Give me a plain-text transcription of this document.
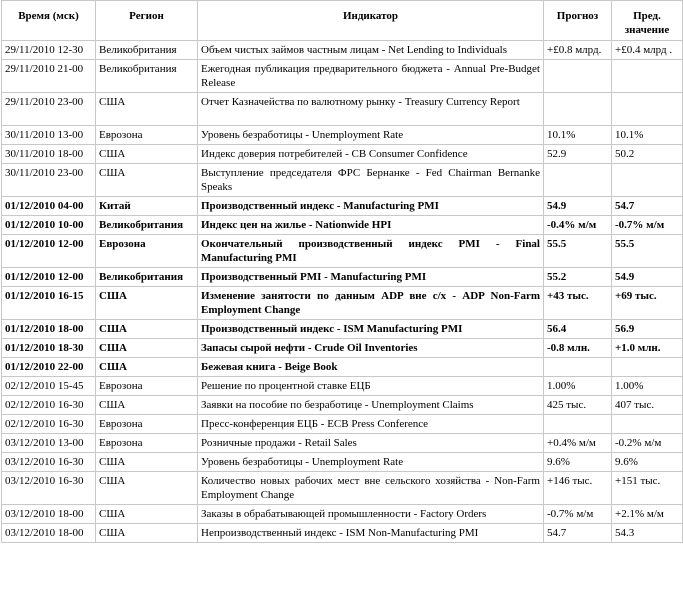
Время (мск)	Регион	Индикатор	Прогноз	Пред. значение
29/11/2010 12-30	Великобритания	Объем чистых займов частным лицам - Net Lending to Individuals	+£0.8 млрд.	+£0.4 млрд .
29/11/2010 21-00	Великобритания	Ежегодная публикация предварительного бюджета - Annual Pre-Budget Release		
29/11/2010 23-00	США	Отчет Казначейства по валютному рынку - Treasury Currency Report		
30/11/2010 13-00	Еврозона	Уровень безработицы - Unemployment Rate	10.1%	10.1%
30/11/2010 18-00	США	Индекс доверия потребителей - CB Consumer Confidence	52.9	50.2
30/11/2010 23-00	США	Выступление председателя ФРС Бернанке - Fed Chairman Bernanke Speaks		
01/12/2010 04-00	Китай	Производственный индекс - Manufacturing PMI	54.9	54.7
01/12/2010 10-00	Великобритания	Индекс цен на жилье - Nationwide HPI	-0.4% м/м	-0.7% м/м
01/12/2010 12-00	Еврозона	Окончательный производственный индекс PMI - Final Manufacturing PMI	55.5	55.5
01/12/2010 12-00	Великобритания	Производственный PMI - Manufacturing PMI	55.2	54.9
01/12/2010 16-15	США	Изменение занятости по данным ADP вне с/х - ADP Non-Farm Employment Change	+43 тыс.	+69 тыс.
01/12/2010 18-00	США	Производственный индекс - ISM Manufacturing PMI	56.4	56.9
01/12/2010 18-30	США	Запасы сырой нефти - Crude Oil Inventories	-0.8 млн.	+1.0 млн.
01/12/2010 22-00	США	Бежевая книга - Beige Book		
02/12/2010 15-45	Еврозона	Решение по процентной ставке ЕЦБ	1.00%	1.00%
02/12/2010 16-30	США	Заявки на пособие по безработице - Unemployment Claims	425 тыс.	407 тыс.
02/12/2010 16-30	Еврозона	Пресс-конференция ЕЦБ - ECB Press Conference		
03/12/2010 13-00	Еврозона	Розничные продажи - Retail Sales	+0.4% м/м	-0.2% м/м
03/12/2010 16-30	США	Уровень безработицы - Unemployment Rate	9.6%	9.6%
03/12/2010 16-30	США	Количество новых рабочих мест вне сельского хозяйства - Non-Farm Employment Change	+146 тыс.	+151 тыс.
03/12/2010 18-00	США	Заказы в обрабатывающей промышленности - Factory Orders	-0.7% м/м	+2.1% м/м
03/12/2010 18-00	США	Непроизводственный индекс - ISM Non-Manufacturing PMI	54.7	54.3
